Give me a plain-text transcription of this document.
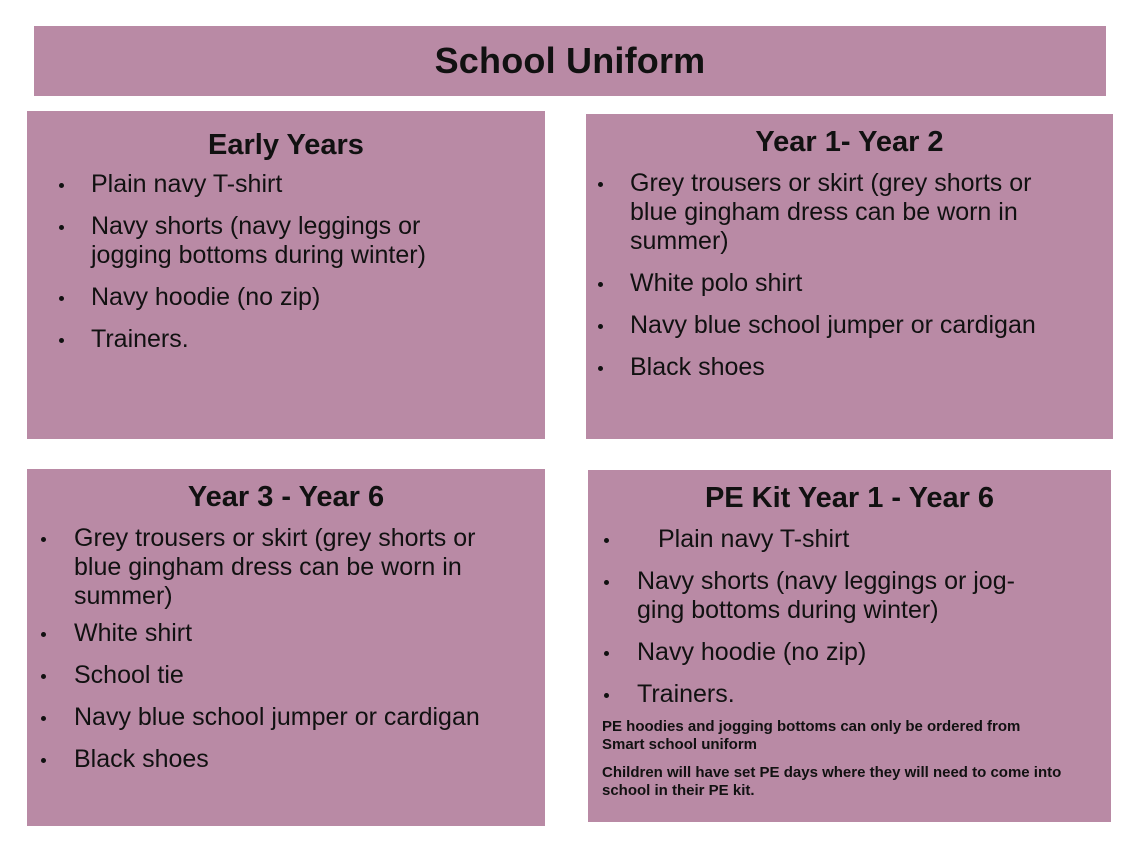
School Uniform
Early Years
Plain navy T-shirt
Navy shorts (navy leggings or jogging bottoms during winter)
Navy hoodie (no zip)
Trainers.
Year 1- Year 2
Grey trousers or skirt (grey shorts or blue gingham dress can be worn in summer)
White polo shirt
Navy blue school jumper or cardigan
Black shoes
Year 3 - Year 6
Grey trousers or skirt (grey shorts or blue gingham dress can be worn in summer)
White shirt
School tie
Navy blue school jumper or cardigan
Black shoes
PE Kit Year 1 - Year 6
Plain navy T-shirt
Navy shorts (navy leggings or jog-ging bottoms during winter)
Navy hoodie (no zip)
Trainers.

PE hoodies and jogging bottoms can only be ordered from Smart school uniform

Children will have set PE days where they will need to come into school in their PE kit.
